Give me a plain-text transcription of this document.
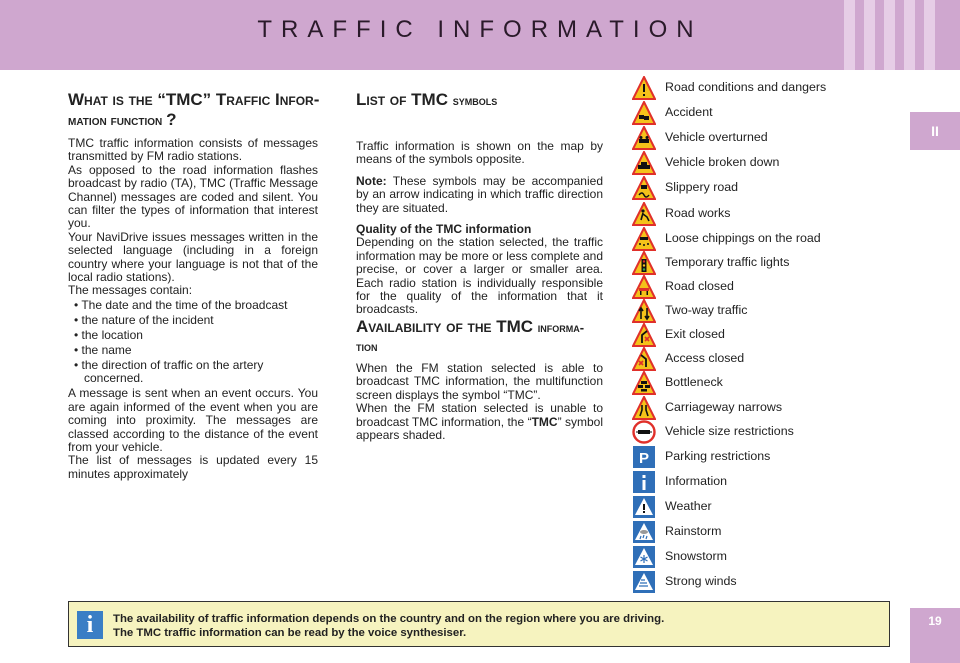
TRAFFIC INFORMATION
II
19
What is the “TMC” Traffic Infor-
mation function ?

TMC traffic information consists of messages transmitted by FM radio stations.

As opposed to the road information flashes broadcast by radio (TA), TMC (Traffic Message Channel) messages are coded and silent. You can filter the types of information that interest you.

Your NaviDrive issues messages written in the selected language (including in a foreign country where your language is not that of the local radio stations).

The messages contain:

• The date and the time of the broadcast
• the nature of the incident
• the location
• the name
• the direction of traffic on the artery concerned.

A message is sent when an event occurs. You are again informed of the event when you are coming into proximity. The messages are classed according to the distance of the event from your vehicle.

The list of messages is updated every 15 minutes approximately

List of TMC symbols

Traffic information is shown on the map by means of the symbols opposite.

Note: These symbols may be accompanied by an arrow indicating in which traffic direction they are situated.

Quality of the TMC information

Depending on the station selected, the traffic information may be more or less complete and precise, or cover a larger or smaller area. Each radio station is individually responsible for the quality of the information that it broadcasts.

Availability of the TMC informa-
tion

When the FM station selected is able to broadcast TMC information, the multifunction screen displays the symbol “TMC”.

When the FM station selected is unable to broadcast TMC information, the “TMC” symbol appears shaded.

Road conditions and dangers
Accident
Vehicle overturned
Vehicle broken down
Slippery road
Road works
Loose chippings on the road
Temporary traffic lights
Road closed
Two-way traffic
Exit closed
Access closed
Bottleneck
Carriageway narrows
Vehicle size restrictions
P Parking restrictions
Information
Weather
Rainstorm
Snowstorm
Strong winds
i	The availability of traffic information depends on the country and on the region where you are driving.
The TMC traffic information can be read by the voice synthesiser.
